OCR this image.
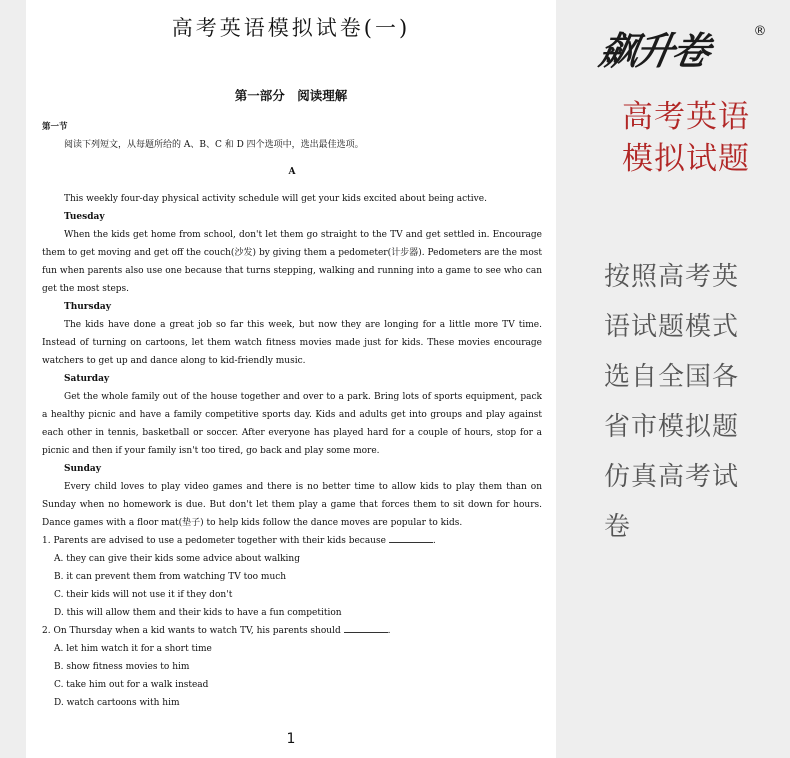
高考英语模拟试卷(一)
第一部分　阅读理解

第一节

阅读下列短文，从每题所给的 A、B、C 和 D 四个选项中，选出最佳选项。

A

This weekly four-day physical activity schedule will get your kids excited about being active.

Tuesday

When the kids get home from school, don't let them go straight to the TV and get settled in. Encourage them to get moving and get off the couch(沙发) by giving them a pedometer(计步器). Pedometers are the most fun when parents also use one because that turns stepping, walking and running into a game to see who can get the most steps.

Thursday

The kids have done a great job so far this week, but now they are longing for a little more TV time. Instead of turning on cartoons, let them watch fitness movies made just for kids. These movies encourage watchers to get up and dance along to kid-friendly music.

Saturday

Get the whole family out of the house together and over to a park. Bring lots of sports equipment, pack a healthy picnic and have a family competitive sports day. Kids and adults get into groups and play against each other in tennis, basketball or soccer. After everyone has played hard for a couple of hours, stop for a picnic and then if your family isn't too tired, go back and play some more.

Sunday

Every child loves to play video games and there is no better time to allow kids to play them than on Sunday when no homework is due. But don't let them play a game that forces them to sit down for hours. Dance games with a floor mat(垫子) to help kids follow the dance moves are popular to kids.

1. Parents are advised to use a pedometer together with their kids because	.

A. they can give their kids some advice about walking

B. it can prevent them from watching TV too much

C. their kids will not use it if they don't

D. this will allow them and their kids to have a fun competition

2. On Thursday when a kid wants to watch TV, his parents should	.

A. let him watch it for a short time

B. show fitness movies to him

C. take him out for a walk instead

D. watch cartoons with him

1
飙升卷	®
高考英语
模拟试题
按照高考英
语试题模式
选自全国各
省市模拟题
仿真高考试
卷
